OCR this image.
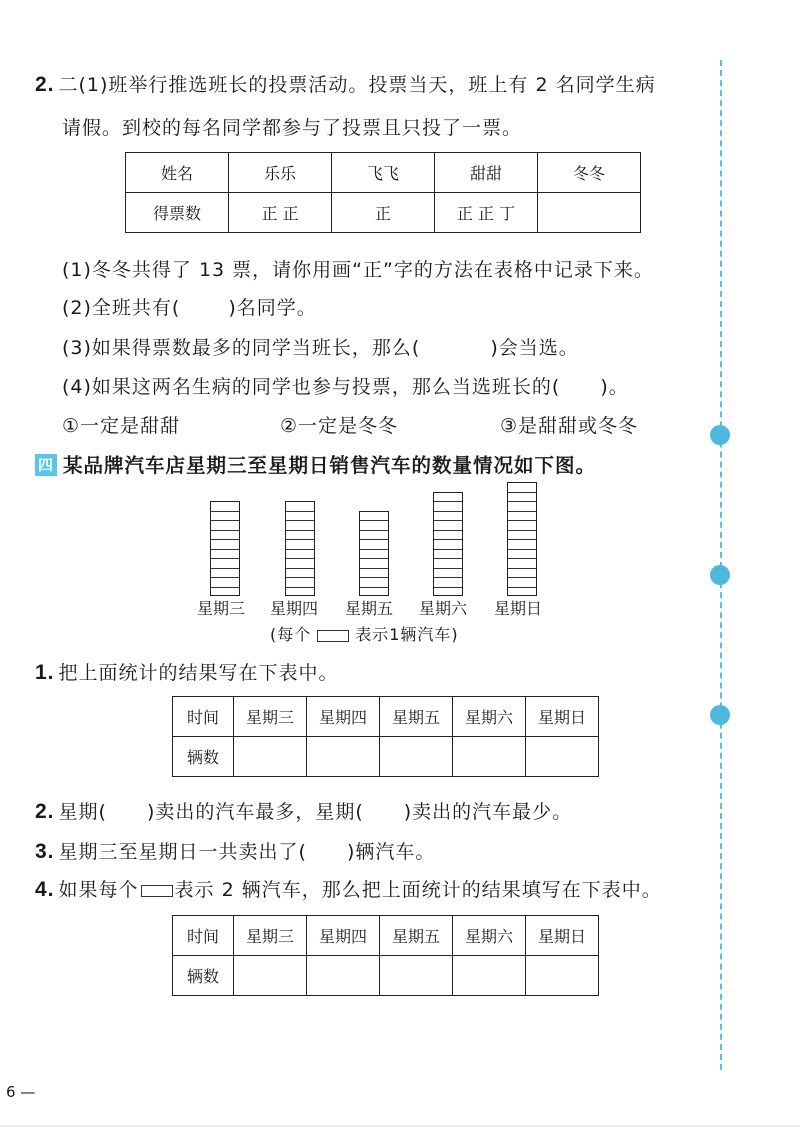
2. 二(1)班举行推选班长的投票活动。投票当天，班上有 2 名同学生病
请假。到校的每名同学都参与了投票且只投了一票。
姓名	乐乐	飞飞	甜甜	冬冬
得票数	正 正	正	正 正 丁	
(1)冬冬共得了 13 票，请你用画“正”字的方法在表格中记录下来。
(2)全班共有(	)名同学。
(3)如果得票数最多的同学当班长，那么(	)会当选。
(4)如果这两名生病的同学也参与投票，那么当选班长的( )。
①一定是甜甜	②一定是冬冬	③是甜甜或冬冬
四 某品牌汽车店星期三至星期日销售汽车的数量情况如下图。
星期三 星期四 星期五 星期六 星期日
(每个	表示1辆汽车)
1. 把上面统计的结果写在下表中。
时间	星期三	星期四	星期五	星期六	星期日
辆数					
2. 星期( )卖出的汽车最多，星期( )卖出的汽车最少。
3. 星期三至星期日一共卖出了( )辆汽车。
4. 如果每个 表示 2 辆汽车，那么把上面统计的结果填写在下表中。
时间	星期三	星期四	星期五	星期六	星期日
辆数					
6 —
